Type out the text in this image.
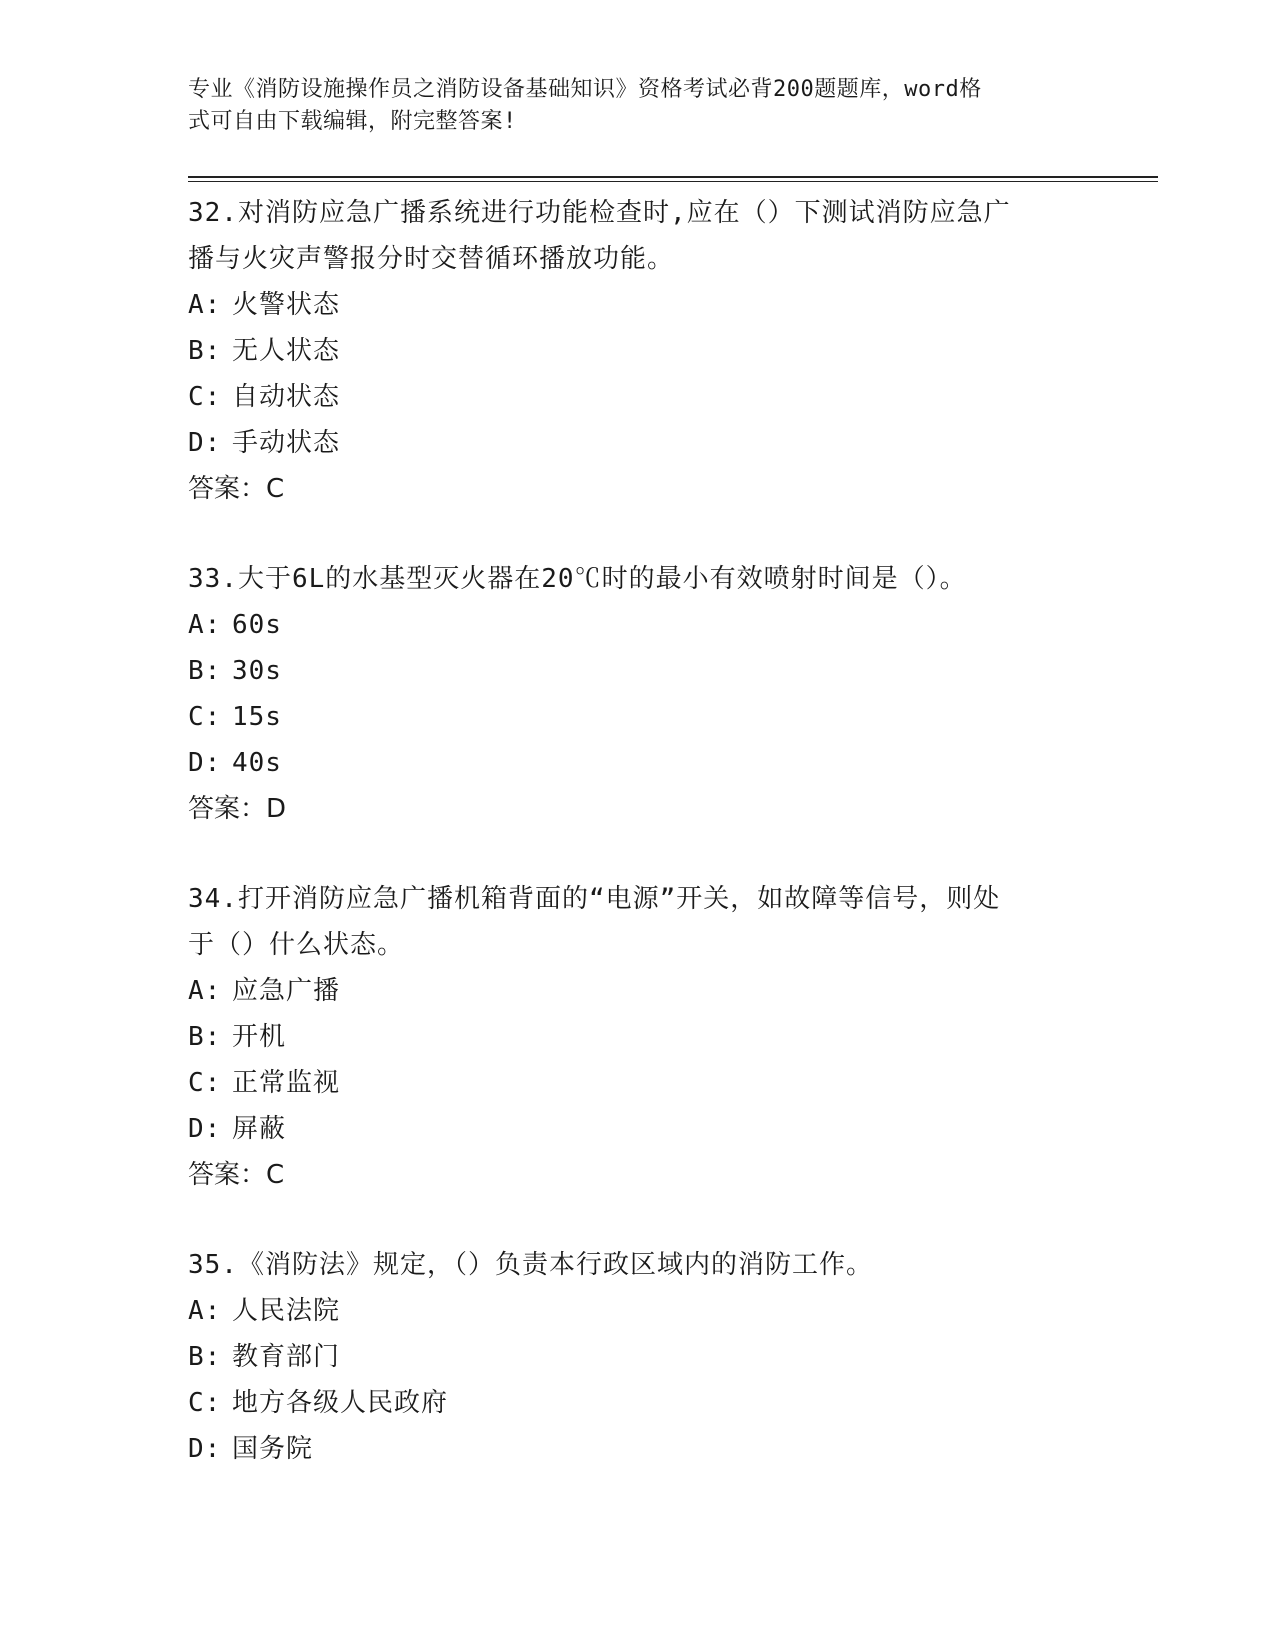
专业《消防设施操作员之消防设备基础知识》资格考试必背200题题库，word格
式可自由下载编辑，附完整答案!
32.对消防应急广播系统进行功能检查时,应在（）下测试消防应急广
播与火灾声警报分时交替循环播放功能。
A: 火警状态
B: 无人状态
C: 自动状态
D: 手动状态
答案：C
33.大于6L的水基型灭火器在20℃时的最小有效喷射时间是（）。
A: 60s
B: 30s
C: 15s
D: 40s
答案：D
34.打开消防应急广播机箱背面的“电源”开关，如故障等信号，则处
于（）什么状态。
A: 应急广播
B: 开机
C: 正常监视
D: 屏蔽
答案：C
35.《消防法》规定，（）负责本行政区域内的消防工作。
A: 人民法院
B: 教育部门
C: 地方各级人民政府
D: 国务院
